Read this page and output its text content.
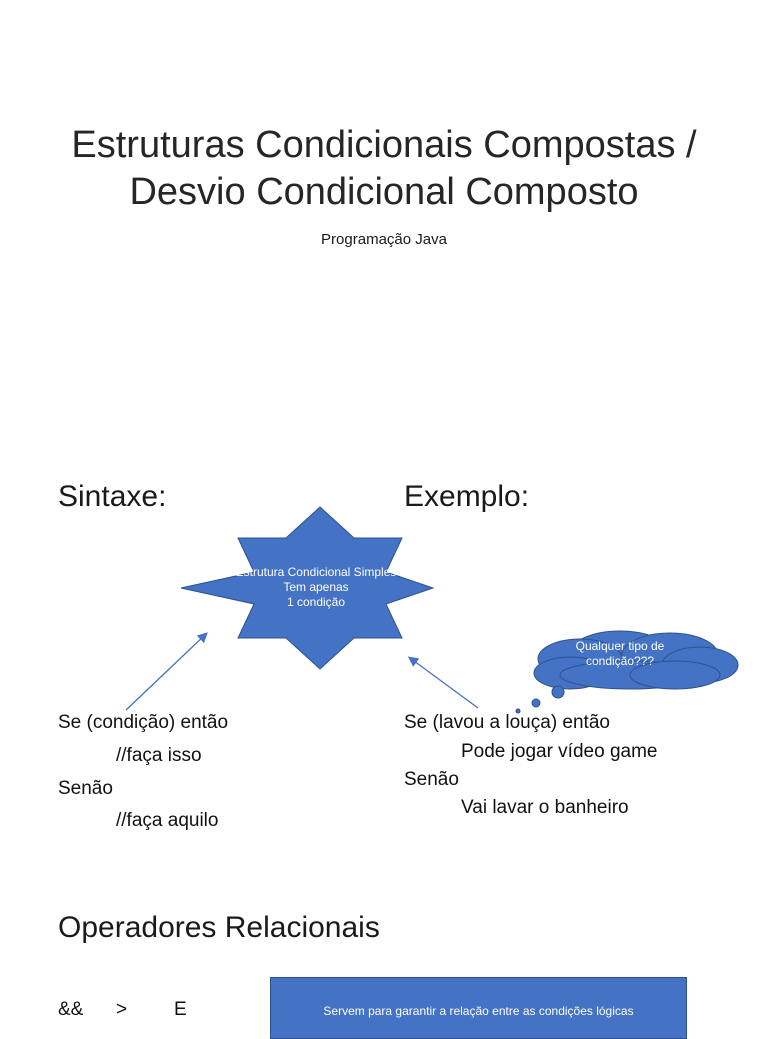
Estruturas Condicionais Compostas /
Desvio Condicional Composto
Programação Java
Sintaxe:	Exemplo:
Estrutura Condicional Simples
Tem apenas
1 condição
Qualquer tipo de
condição???
Se (condição) então
//faça isso
Senão
//faça aquilo
Se (lavou a louça) então
Pode jogar vídeo game
Senão
Vai lavar o banheiro
Operadores Relacionais
&& > E	Servem para garantir a relação entre as condições lógicas
